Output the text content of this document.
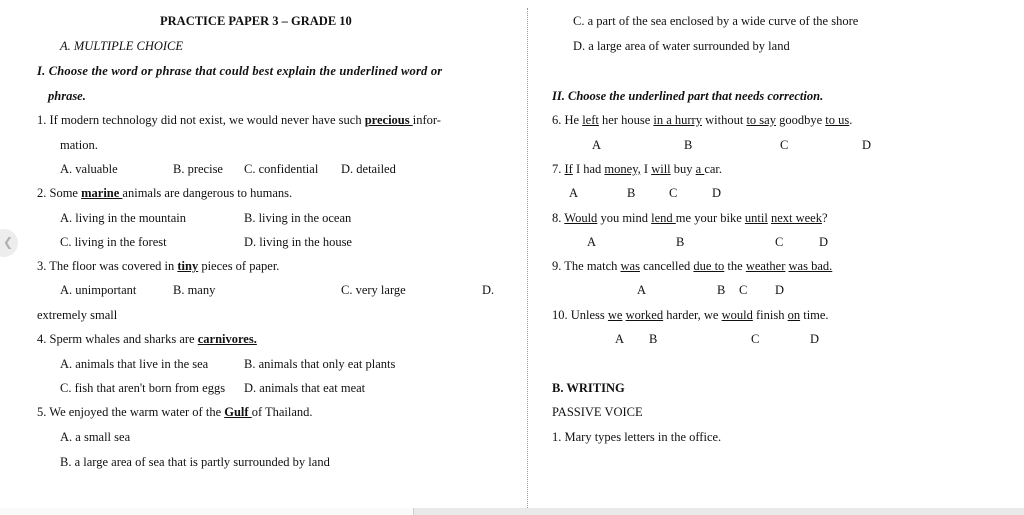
PRACTICE PAPER 3 – GRADE 10
A. MULTIPLE CHOICE
I. Choose the word or phrase that could best explain the underlined word or
phrase.
1. If modern technology did not exist, we would never have such precious infor-
mation.
A. valuable	B. precise C. confidential D. detailed
2. Some marine animals are dangerous to humans.
A. living in the mountain	B. living in the ocean
C. living in the forest	D. living in the house
3. The floor was covered in tiny pieces of paper.
A. unimportant	B. many	C. very large	D.
extremely small
4. Sperm whales and sharks are carnivores.
A. animals that live in the sea	B. animals that only eat plants
C. fish that aren't born from eggs D. animals that eat meat
5. We enjoyed the warm water of the Gulf of Thailand.
A. a small sea
B. a large area of sea that is partly surrounded by land
C. a part of the sea enclosed by a wide curve of the shore
D. a large area of water surrounded by land
II. Choose the underlined part that needs correction.
6. He left her house in a hurry without to say goodbye to us.
A	B	C	D
7. If I had money, I will buy a car.
A	B	C	D
8. Would you mind lend me your bike until next week?
A	B	C	D
9. The match was cancelled due to the weather was bad.
A	B C D
10. Unless we worked harder, we would finish on time.
A B	C	D
B. WRITING
PASSIVE VOICE
1. Mary types letters in the office.
❮
